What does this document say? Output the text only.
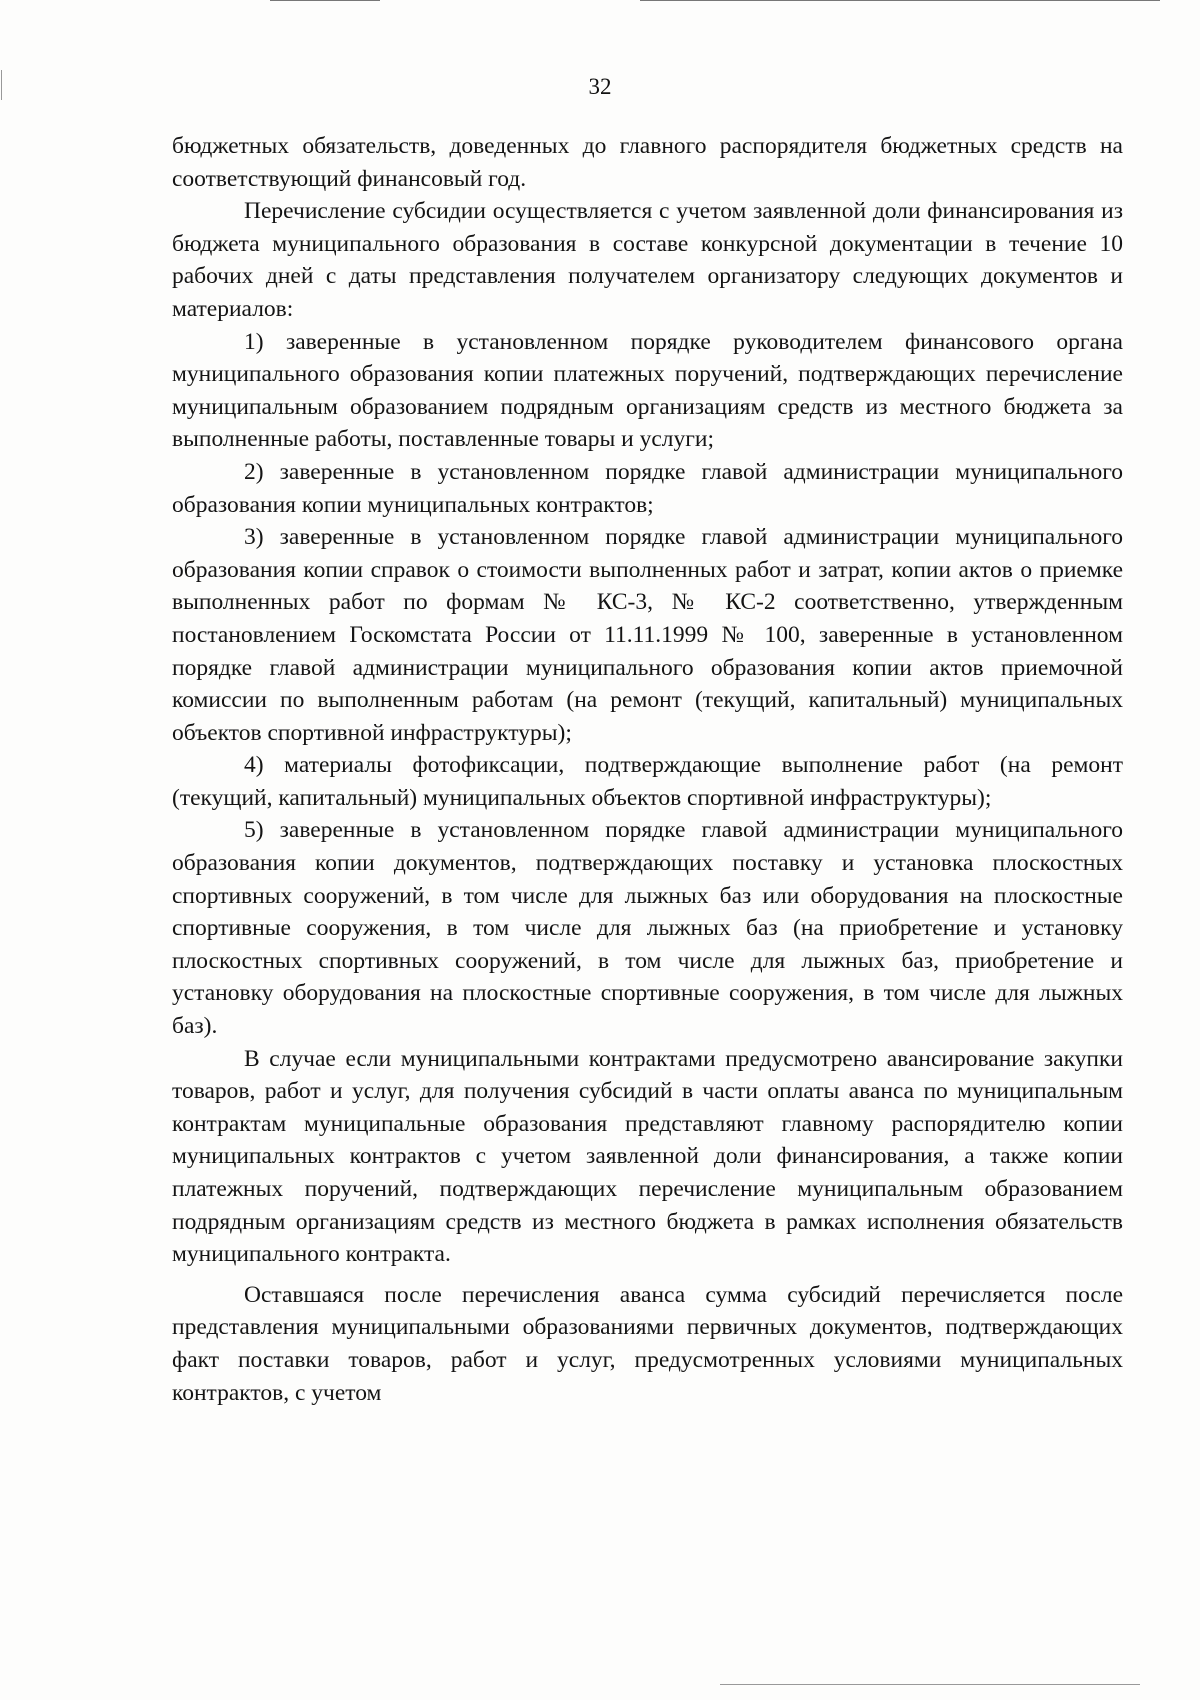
32

бюджетных обязательств, доведенных до главного распорядителя бюджетных средств на соответствующий финансовый год.

Перечисление субсидии осуществляется с учетом заявленной доли финансирования из бюджета муниципального образования в составе конкурсной документации в течение 10 рабочих дней с даты представления получателем организатору следующих документов и материалов:

1) заверенные в установленном порядке руководителем финансового органа муниципального образования копии платежных поручений, подтверждающих перечисление муниципальным образованием подрядным организациям средств из местного бюджета за выполненные работы, поставленные товары и услуги;

2) заверенные в установленном порядке главой администрации муниципального образования копии муниципальных контрактов;

3) заверенные в установленном порядке главой администрации муниципального образования копии справок о стоимости выполненных работ и затрат, копии актов о приемке выполненных работ по формам № КС-3, № КС-2 соответственно, утвержденным постановлением Госкомстата России от 11.11.1999 № 100, заверенные в установленном порядке главой администрации муниципального образования копии актов приемочной комиссии по выполненным работам (на ремонт (текущий, капитальный) муниципальных объектов спортивной инфраструктуры);

4) материалы фотофиксации, подтверждающие выполнение работ (на ремонт (текущий, капитальный) муниципальных объектов спортивной инфраструктуры);

5) заверенные в установленном порядке главой администрации муниципального образования копии документов, подтверждающих поставку и установка плоскостных спортивных сооружений, в том числе для лыжных баз или оборудования на плоскостные спортивные сооружения, в том числе для лыжных баз (на приобретение и установку плоскостных спортивных сооружений, в том числе для лыжных баз, приобретение и установку оборудования на плоскостные спортивные сооружения, в том числе для лыжных баз).

В случае если муниципальными контрактами предусмотрено авансирование закупки товаров, работ и услуг, для получения субсидий в части оплаты аванса по муниципальным контрактам муниципальные образования представляют главному распорядителю копии муниципальных контрактов с учетом заявленной доли финансирования, а также копии платежных поручений, подтверждающих перечисление муниципальным образованием подрядным организациям средств из местного бюджета в рамках исполнения обязательств муниципального контракта.

Оставшаяся после перечисления аванса сумма субсидий перечисляется после представления муниципальными образованиями первичных документов, подтверждающих факт поставки товаров, работ и услуг, предусмотренных условиями муниципальных контрактов, с учетом
